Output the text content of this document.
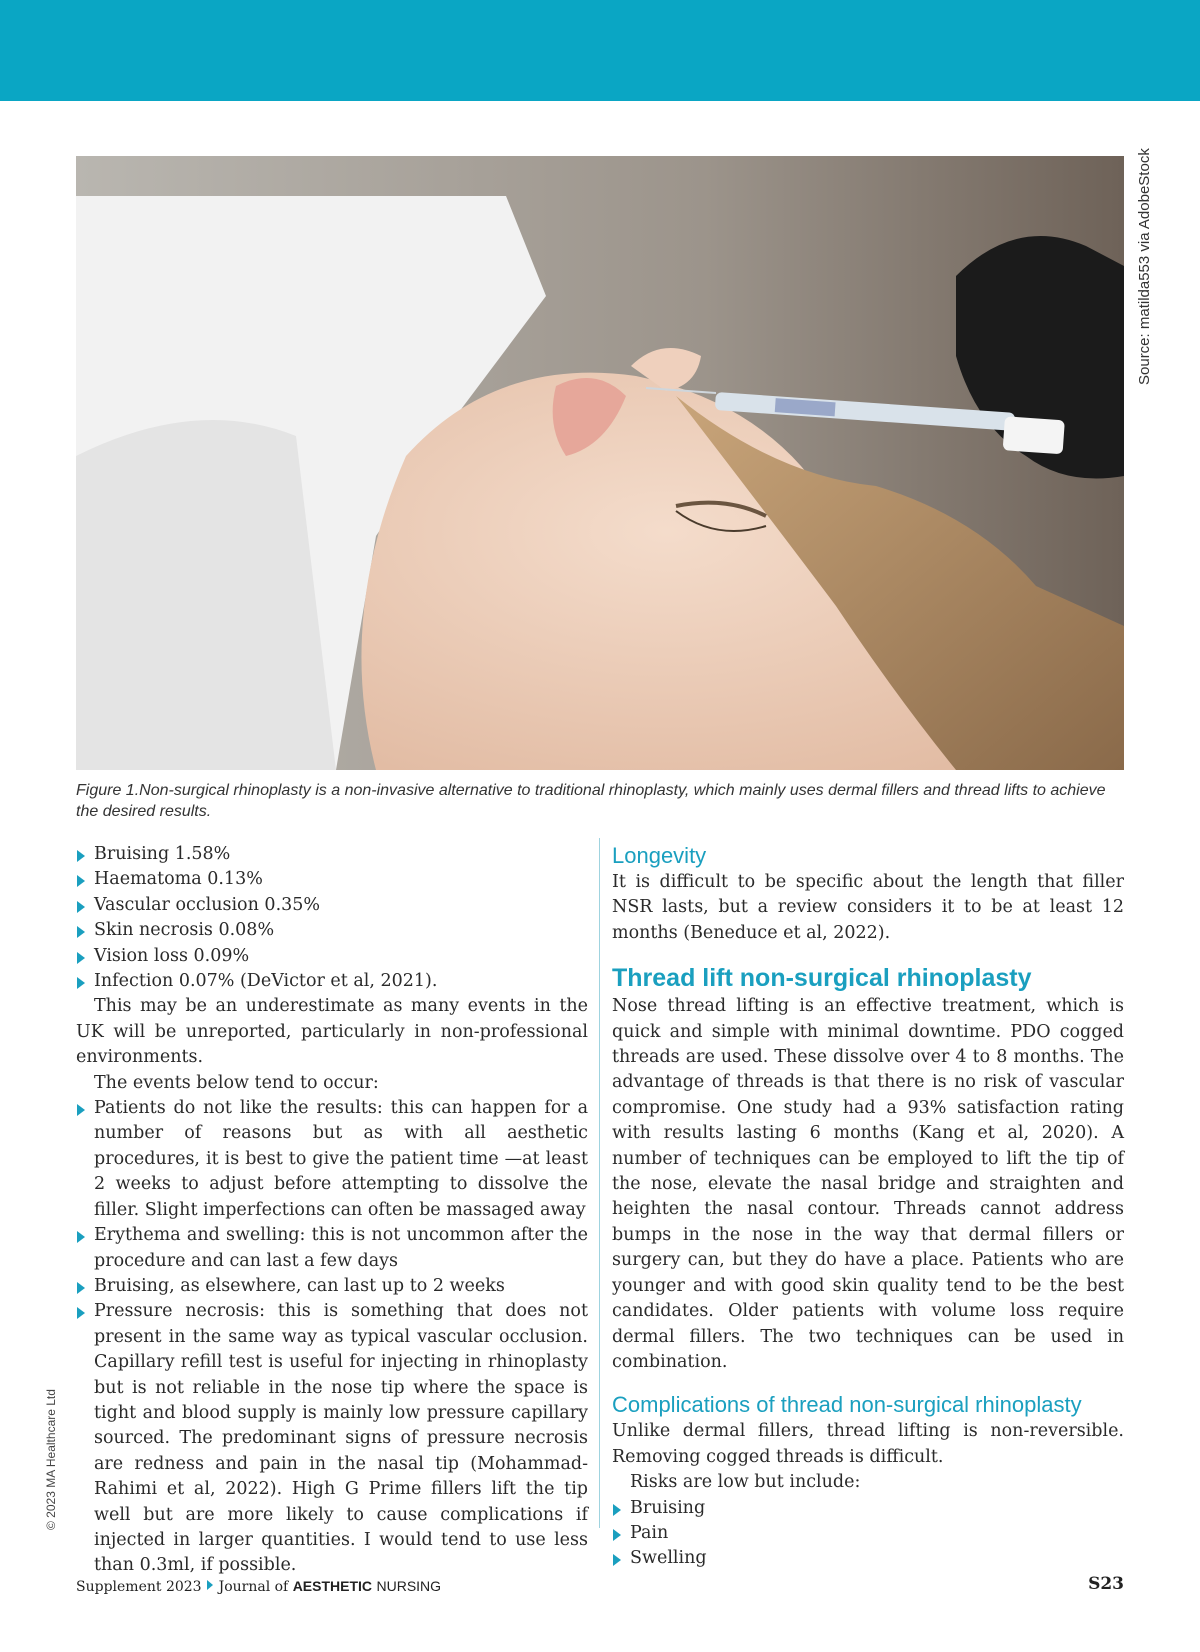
Source: matilda553 via AdobeStock
© 2023 MA Healthcare Ltd
Figure 1.Non-surgical rhinoplasty is a non-invasive alternative to traditional rhinoplasty, which mainly uses dermal fillers and thread lifts to achieve the desired results.
Bruising 1.58%
Haematoma 0.13%
Vascular occlusion 0.35%
Skin necrosis 0.08%
Vision loss 0.09%
Infection 0.07% (DeVictor et al, 2021).

This may be an underestimate as many events in the UK will be unreported, particularly in non-professional environments.

The events below tend to occur:

Patients do not like the results: this can happen for a number of reasons but as with all aesthetic procedures, it is best to give the patient time —at least 2 weeks to adjust before attempting to dissolve the filler. Slight imperfections can often be massaged away
Erythema and swelling: this is not uncommon after the procedure and can last a few days
Bruising, as elsewhere, can last up to 2 weeks
Pressure necrosis: this is something that does not present in the same way as typical vascular occlusion. Capillary refill test is useful for injecting in rhinoplasty but is not reliable in the nose tip where the space is tight and blood supply is mainly low pressure capillary sourced. The predominant signs of pressure necrosis are redness and pain in the nasal tip (Mohammad-Rahimi et al, 2022). High G Prime fillers lift the tip well but are more likely to cause complications if injected in larger quantities. I would tend to use less than 0.3ml, if possible.
Longevity

It is difficult to be specific about the length that filler NSR lasts, but a review considers it to be at least 12 months (Beneduce et al, 2022).

Thread lift non-surgical rhinoplasty

Nose thread lifting is an effective treatment, which is quick and simple with minimal downtime. PDO cogged threads are used. These dissolve over 4 to 8 months. The advantage of threads is that there is no risk of vascular compromise. One study had a 93% satisfaction rating with results lasting 6 months (Kang et al, 2020). A number of techniques can be employed to lift the tip of the nose, elevate the nasal bridge and straighten and heighten the nasal contour. Threads cannot address bumps in the nose in the way that dermal fillers or surgery can, but they do have a place. Patients who are younger and with good skin quality tend to be the best candidates. Older patients with volume loss require dermal fillers. The two techniques can be used in combination.

Complications of thread non-surgical rhinoplasty

Unlike dermal fillers, thread lifting is non-reversible. Removing cogged threads is difficult.

Risks are low but include:

Bruising
Pain
Swelling
Supplement 2023 Journal of AESTHETIC NURSING	S23
